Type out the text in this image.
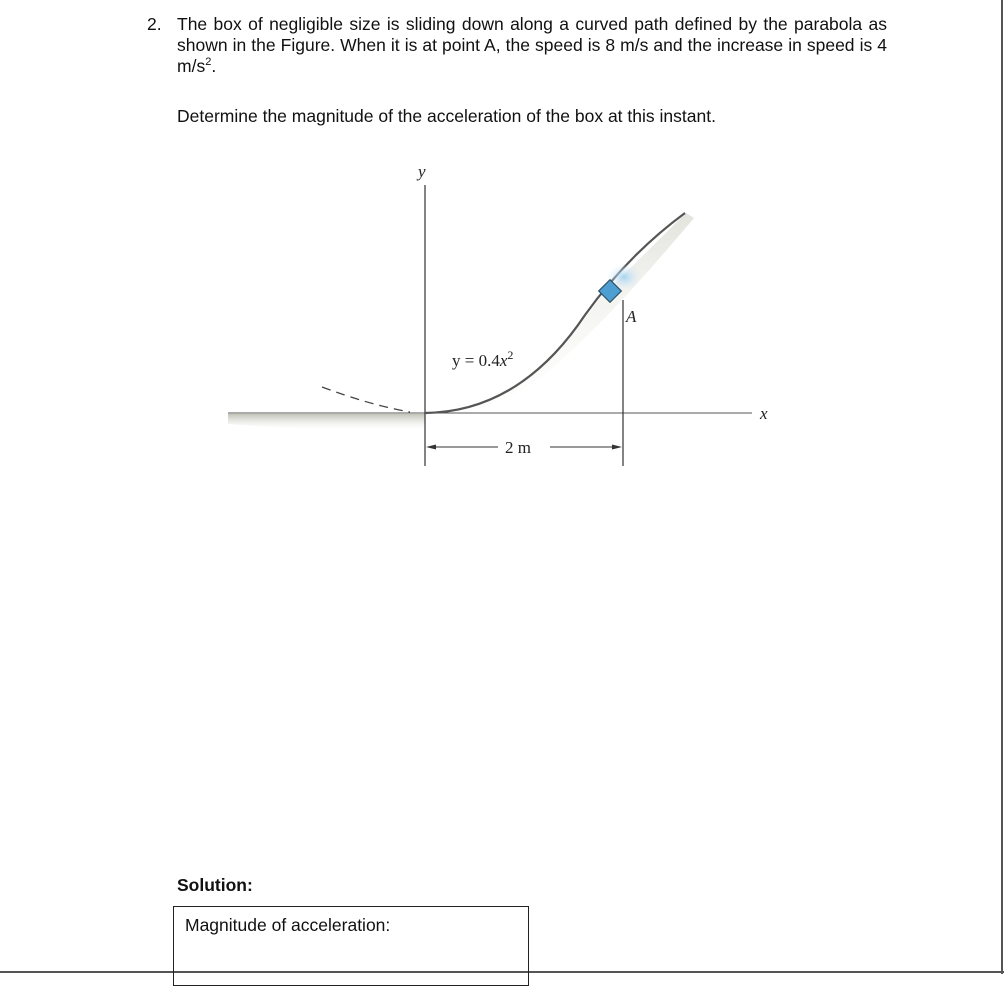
2. The box of negligible size is sliding down along a curved path defined by the parabola as shown in the Figure. When it is at point A, the speed is 8 m/s and the increase in speed is 4 $m/s^2$.
Determine the magnitude of the acceleration of the box at this instant.
y
x
A
2 m
$y = 0.4x^2$
Solution:
Magnitude of acceleration:
